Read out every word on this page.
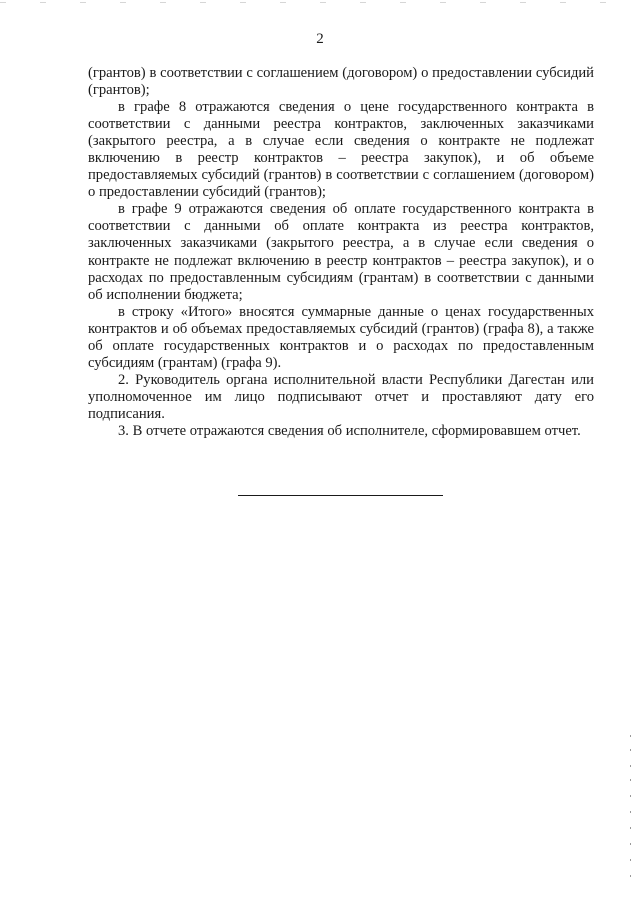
2

(грантов) в соответствии с соглашением (договором) о предоставлении субсидий (грантов);

в графе 8 отражаются сведения о цене государственного контракта в соответствии с данными реестра контрактов, заключенных заказчиками (закрытого реестра, а в случае если сведения о контракте не подлежат включению в реестр контрактов – реестра закупок), и об объеме предоставляемых субсидий (грантов) в соответствии с соглашением (договором) о предоставлении субсидий (грантов);

в графе 9 отражаются сведения об оплате государственного контракта в соответствии с данными об оплате контракта из реестра контрактов, заключенных заказчиками (закрытого реестра, а в случае если сведения о контракте не подлежат включению в реестр контрактов – реестра закупок), и о расходах по предоставленным субсидиям (грантам) в соответствии с данными об исполнении бюджета;

в строку «Итого» вносятся суммарные данные о ценах государственных контрактов и об объемах предоставляемых субсидий (грантов) (графа 8), а также об оплате государственных контрактов и о расходах по предоставленным субсидиям (грантам) (графа 9).

2. Руководитель органа исполнительной власти Республики Дагестан или уполномоченное им лицо подписывают отчет и проставляют дату его подписания.

3. В отчете отражаются сведения об исполнителе, сформировавшем отчет.
